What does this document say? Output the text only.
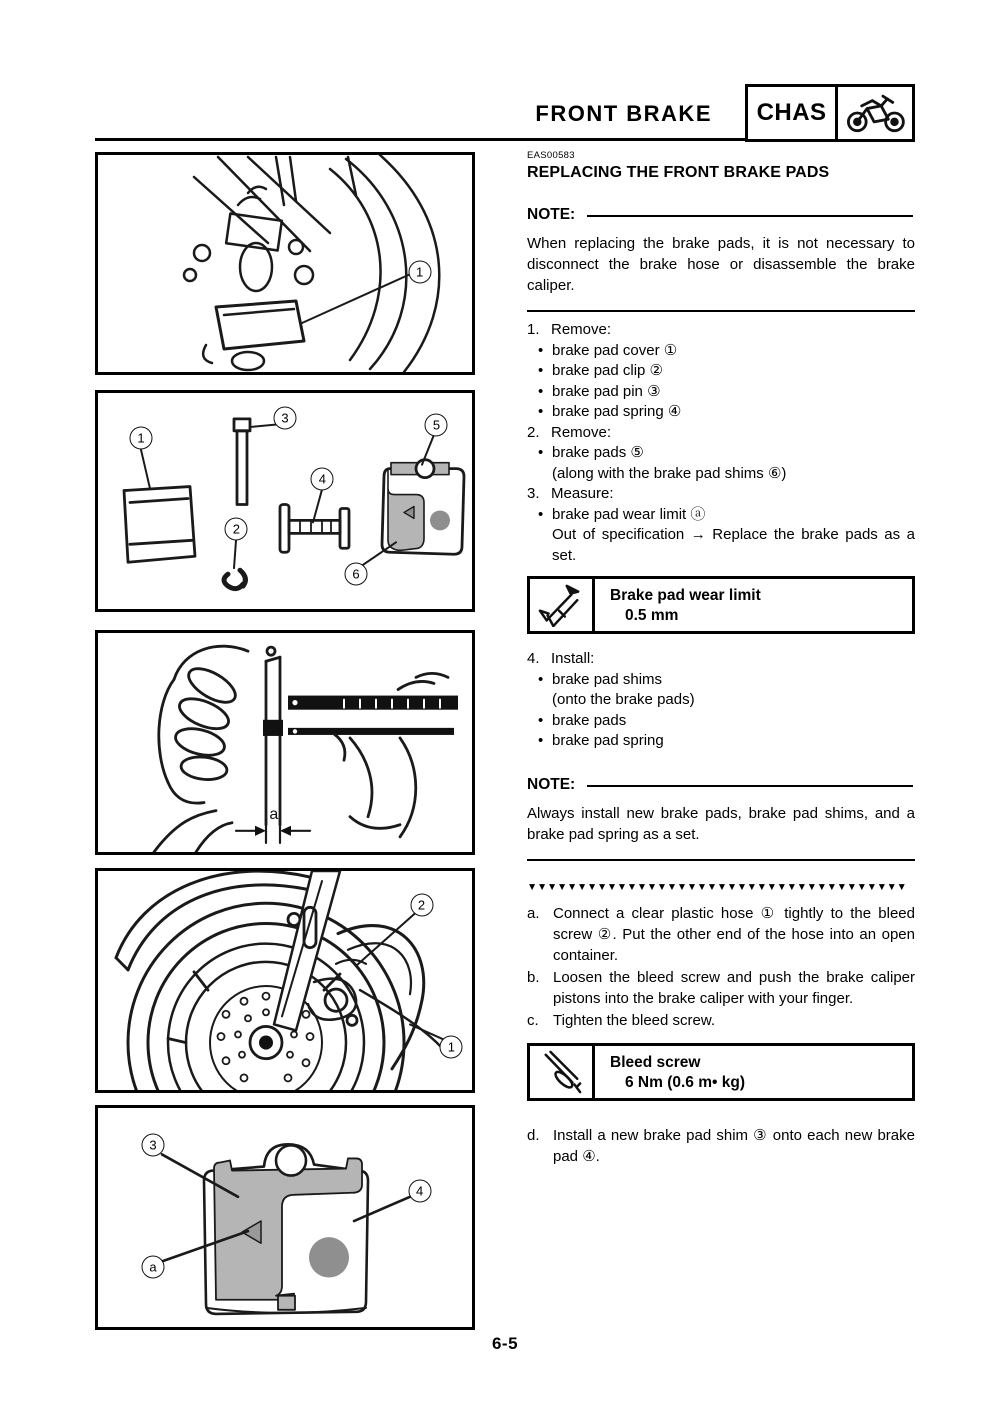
FRONT BRAKE	CHAS
1
1
2
3
4
5
6
a
2
1
3
4
a
EAS00583
REPLACING THE FRONT BRAKE PADS
NOTE:

When replacing the brake pads, it is not necessary to disconnect the brake hose or disassemble the brake caliper.

1. Remove:
• brake pad cover ①
• brake pad clip ②
• brake pad pin ③
• brake pad spring ④
2. Remove:
• brake pads ⑤
(along with the brake pad shims ⑥)
3. Measure:
• brake pad wear limit ⓐ
Out of specification → Replace the brake pads as a set.
Brake pad wear limit
0.5 mm
4. Install:
• brake pad shims
(onto the brake pads)
• brake pads
• brake pad spring
NOTE:

Always install new brake pads, brake pad shims, and a brake pad spring as a set.

▼▼▼▼▼▼▼▼▼▼▼▼▼▼▼▼▼▼▼▼▼▼▼▼▼▼▼▼▼▼▼▼▼▼▼▼▼▼
a. Connect a clear plastic hose ① tightly to the bleed screw ②. Put the other end of the hose into an open container.
b. Loosen the bleed screw and push the brake caliper pistons into the brake caliper with your finger.
c. Tighten the bleed screw.
Bleed screw
6 Nm (0.6 m• kg)
d. Install a new brake pad shim ③ onto each new brake pad ④.
6-5
